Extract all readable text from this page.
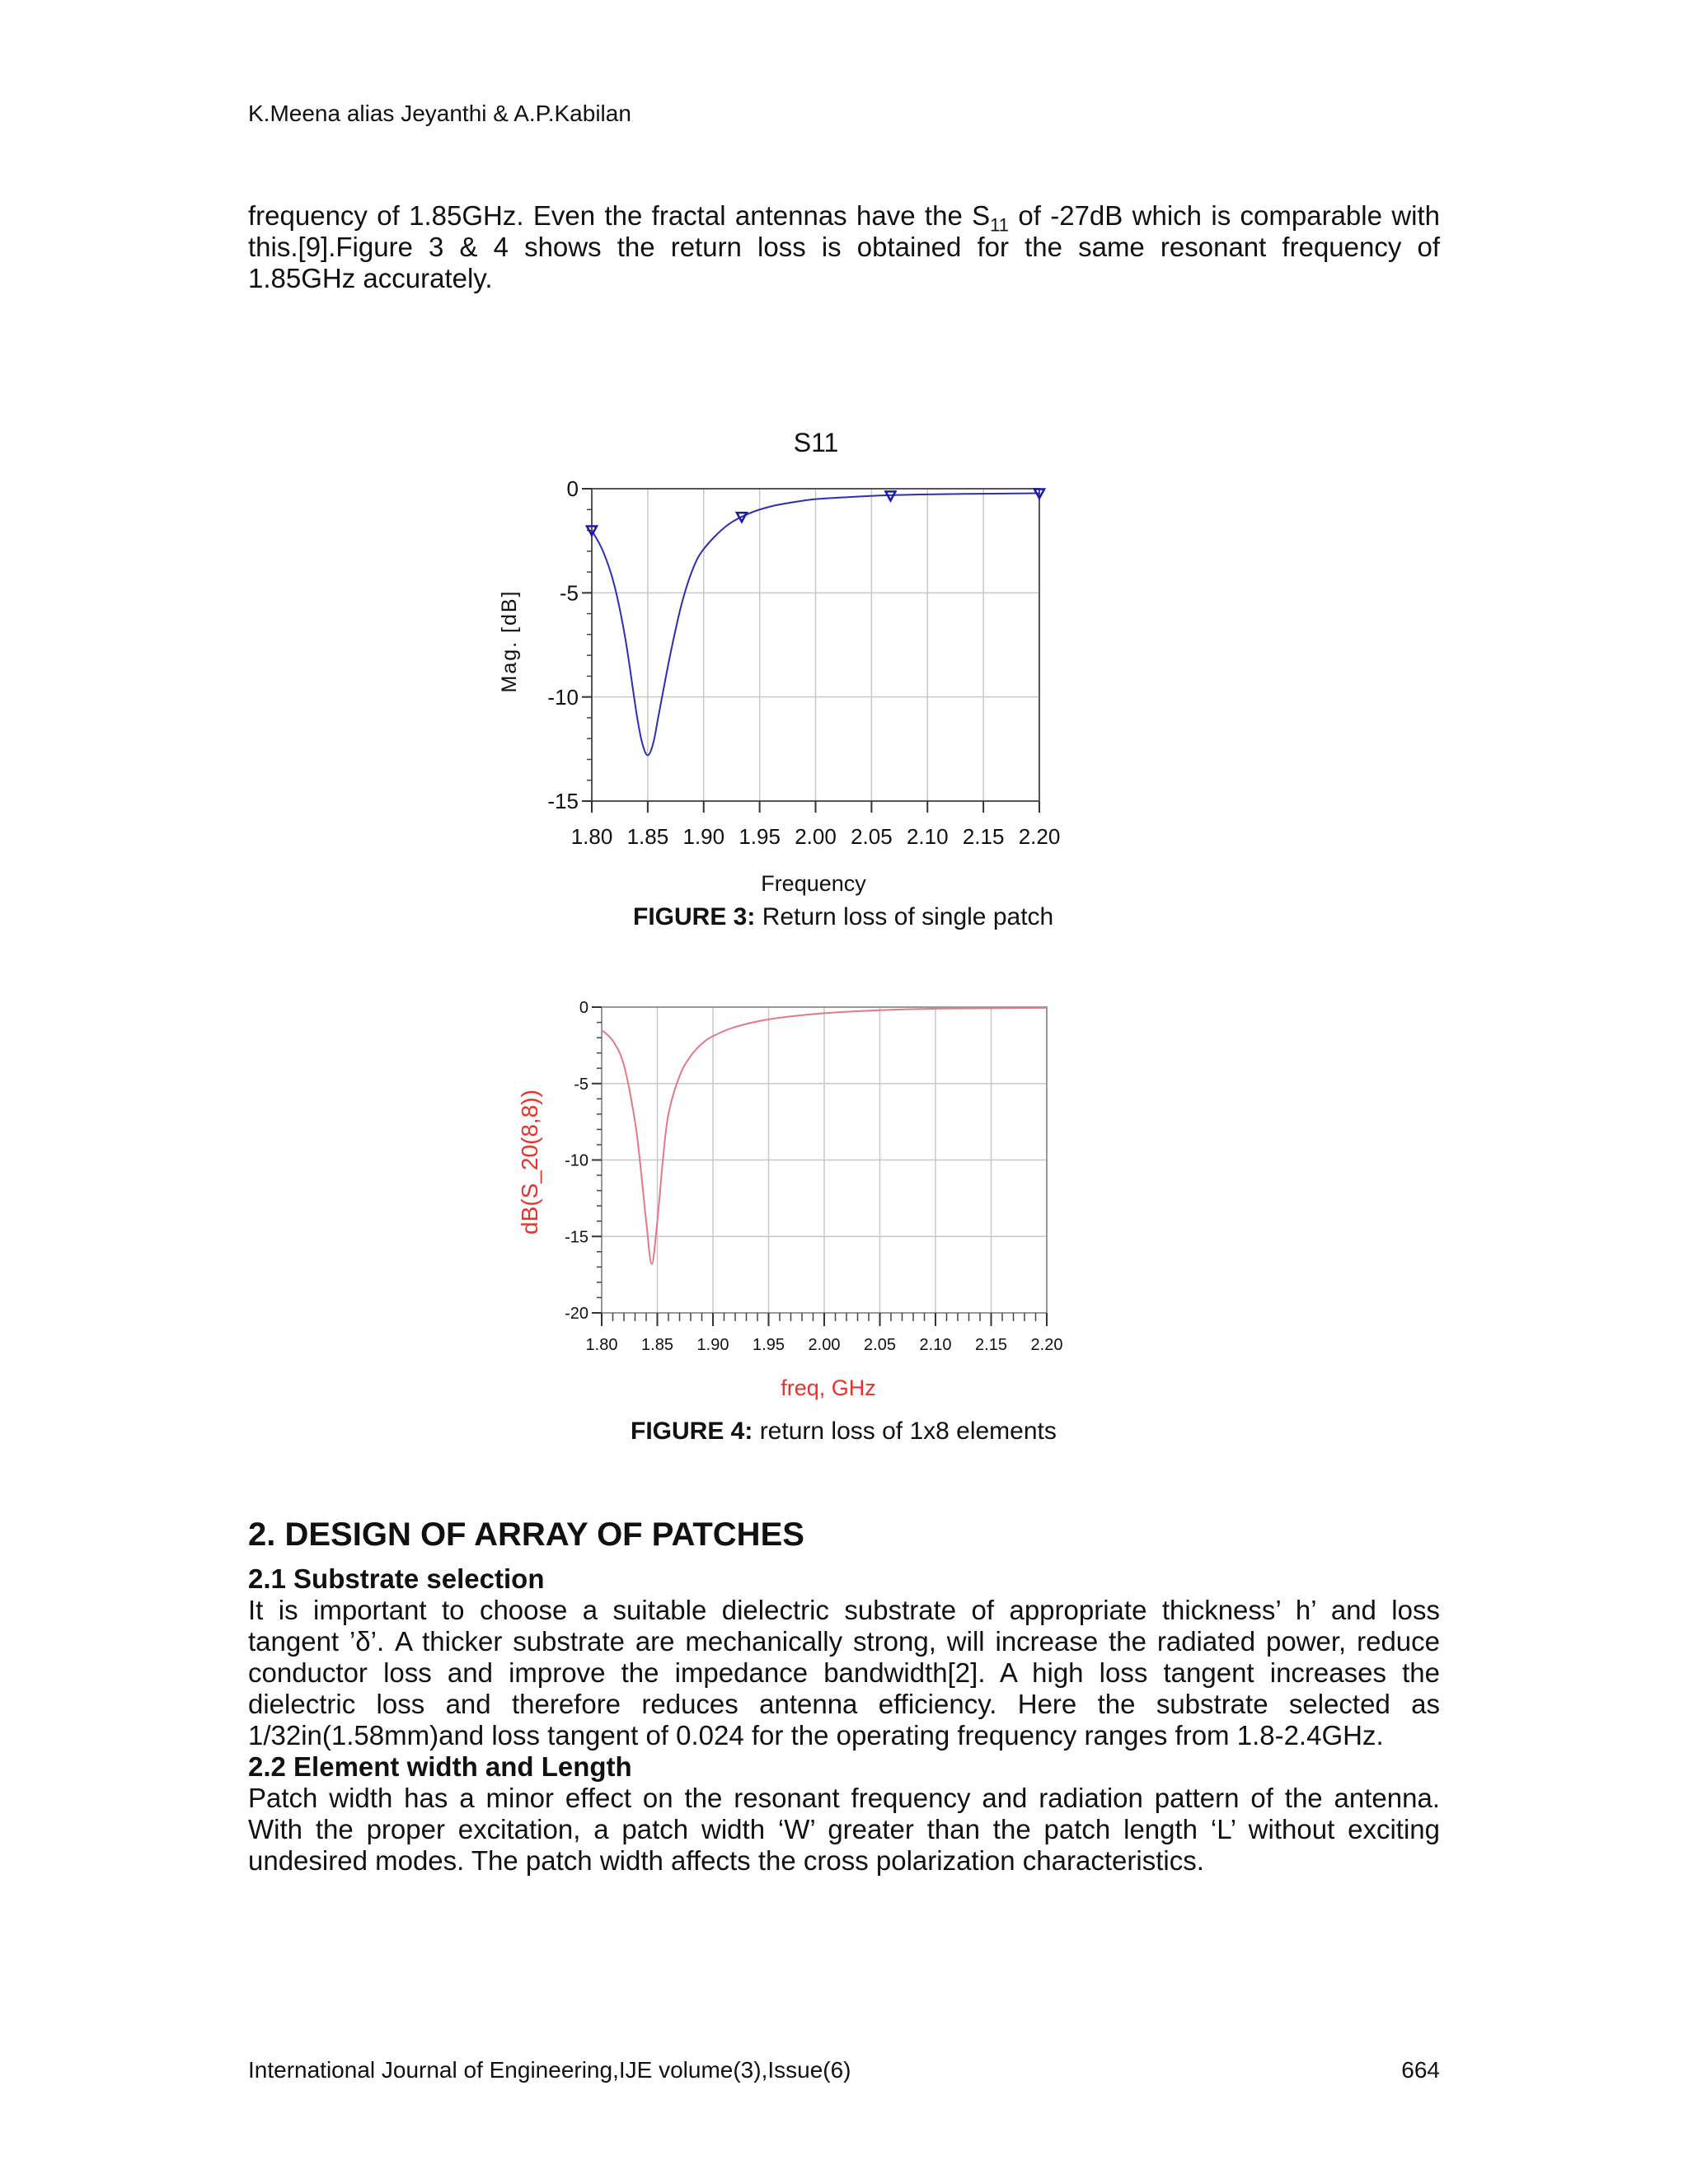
K.Meena alias Jeyanthi & A.P.Kabilan
frequency of 1.85GHz. Even the fractal antennas have the $S_{11}$ of -27dB which is comparable with
this.[9].Figure 3 & 4 shows the return loss is obtained for the same resonant frequency of
1.85GHz accurately.
S11
Mag. [dB]
Frequency
1.80 1.85 1.90 1.95 2.00 2.05 2.10 2.15 2.20
0
-5
-10
-15
FIGURE 3: Return loss of single patch
dB(S_20(8,8))
freq, GHz
1.80 1.85 1.90 1.95 2.00 2.05 2.10 2.15 2.20
0
-5
-10
-15
-20
FIGURE 4: return loss of 1x8 elements
2. DESIGN OF ARRAY OF PATCHES
2.1 Substrate selection
It is important to choose a suitable dielectric substrate of appropriate thickness’ h’ and loss
tangent ’δ’. A thicker substrate are mechanically strong, will increase the radiated power, reduce
conductor loss and improve the impedance bandwidth[2]. A high loss tangent increases the
dielectric loss and therefore reduces antenna efficiency. Here the substrate selected as
1/32in(1.58mm)and loss tangent of 0.024 for the operating frequency ranges from 1.8-2.4GHz.
2.2 Element width and Length
Patch width has a minor effect on the resonant frequency and radiation pattern of the antenna.
With the proper excitation, a patch width ‘W’ greater than the patch length ‘L’ without exciting
undesired modes. The patch width affects the cross polarization characteristics.
International Journal of Engineering,IJE volume(3),Issue(6)	664
